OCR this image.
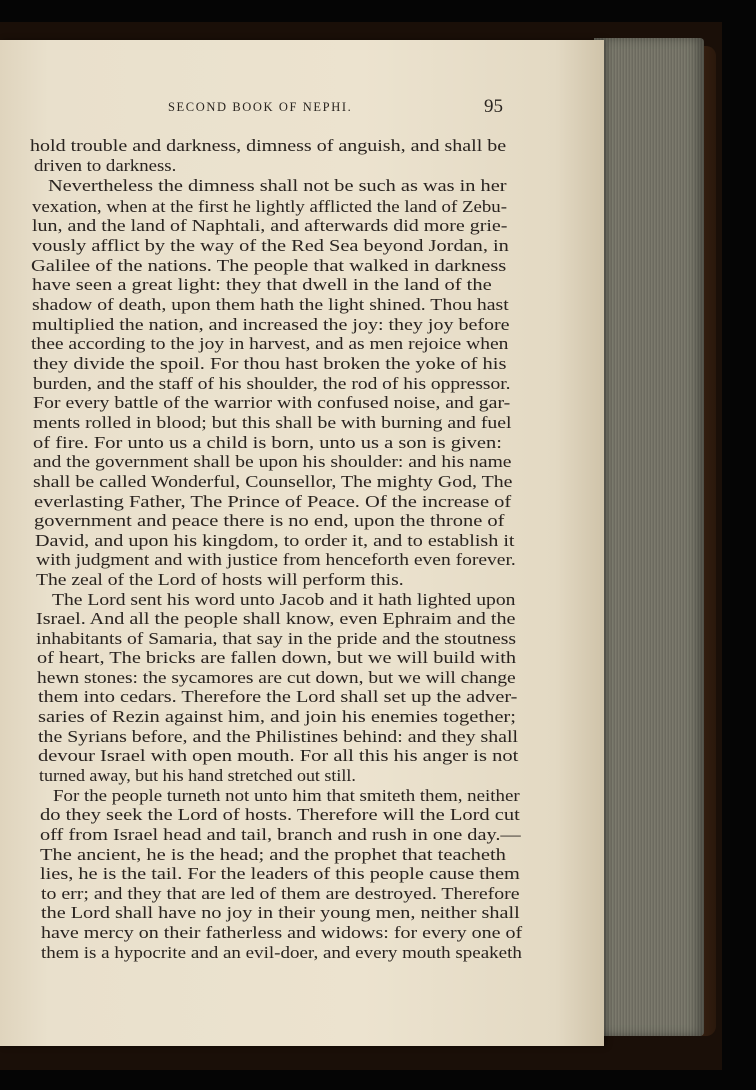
SECOND BOOK OF NEPHI.	95
hold trouble and darkness, dimness of anguish, and shall be
driven to darkness.
Nevertheless the dimness shall not be such as was in her
vexation, when at the first he lightly afflicted the land of Zebu-
lun, and the land of Naphtali, and afterwards did more grie-
vously afflict by the way of the Red Sea beyond Jordan, in
Galilee of the nations. The people that walked in darkness
have seen a great light: they that dwell in the land of the
shadow of death, upon them hath the light shined. Thou hast
multiplied the nation, and increased the joy: they joy before
thee according to the joy in harvest, and as men rejoice when
they divide the spoil. For thou hast broken the yoke of his
burden, and the staff of his shoulder, the rod of his oppressor.
For every battle of the warrior with confused noise, and gar-
ments rolled in blood; but this shall be with burning and fuel
of fire. For unto us a child is born, unto us a son is given:
and the government shall be upon his shoulder: and his name
shall be called Wonderful, Counsellor, The mighty God, The
everlasting Father, The Prince of Peace. Of the increase of
government and peace there is no end, upon the throne of
David, and upon his kingdom, to order it, and to establish it
with judgment and with justice from henceforth even forever.
The zeal of the Lord of hosts will perform this.
The Lord sent his word unto Jacob and it hath lighted upon
Israel. And all the people shall know, even Ephraim and the
inhabitants of Samaria, that say in the pride and the stoutness
of heart, The bricks are fallen down, but we will build with
hewn stones: the sycamores are cut down, but we will change
them into cedars. Therefore the Lord shall set up the adver-
saries of Rezin against him, and join his enemies together;
the Syrians before, and the Philistines behind: and they shall
devour Israel with open mouth. For all this his anger is not
turned away, but his hand stretched out still.
For the people turneth not unto him that smiteth them, neither
do they seek the Lord of hosts. Therefore will the Lord cut
off from Israel head and tail, branch and rush in one day.—
The ancient, he is the head; and the prophet that teacheth
lies, he is the tail. For the leaders of this people cause them
to err; and they that are led of them are destroyed. Therefore
the Lord shall have no joy in their young men, neither shall
have mercy on their fatherless and widows: for every one of
them is a hypocrite and an evil-doer, and every mouth speaketh
